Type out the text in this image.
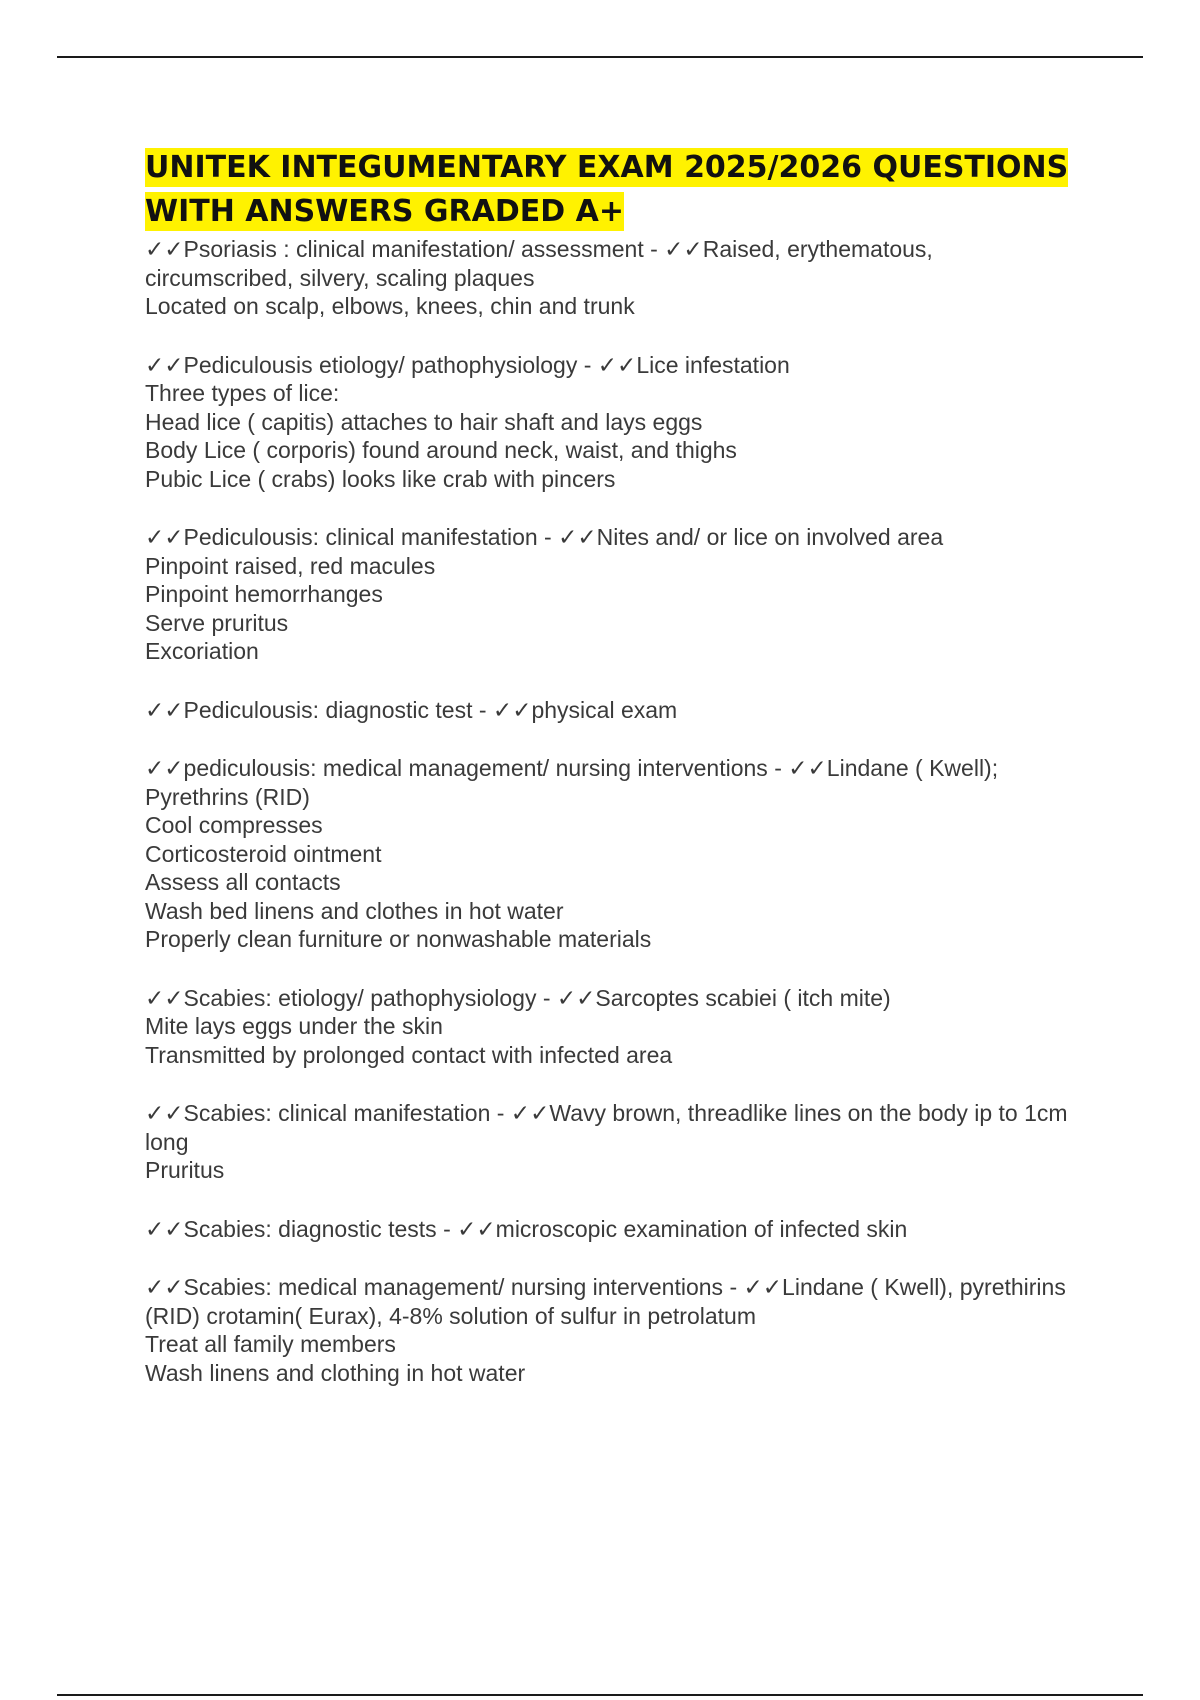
UNITEK INTEGUMENTARY EXAM 2025/2026 QUESTIONS WITH ANSWERS GRADED A+
✓✓Psoriasis : clinical manifestation/ assessment - ✓✓Raised, erythematous, circumscribed, silvery, scaling plaques
Located on scalp, elbows, knees, chin and trunk
✓✓Pediculousis etiology/ pathophysiology - ✓✓Lice infestation
Three types of lice:
Head lice ( capitis) attaches to hair shaft and lays eggs
Body Lice ( corporis) found around neck, waist, and thighs
Pubic Lice ( crabs) looks like crab with pincers
✓✓Pediculousis: clinical manifestation - ✓✓Nites and/ or lice on involved area
Pinpoint raised, red macules
Pinpoint hemorrhanges
Serve pruritus
Excoriation
✓✓Pediculousis: diagnostic test - ✓✓physical exam
✓✓pediculousis: medical management/ nursing interventions - ✓✓Lindane ( Kwell); Pyrethrins (RID)
Cool compresses
Corticosteroid ointment
Assess all contacts
Wash bed linens and clothes in hot water
Properly clean furniture or nonwashable materials
✓✓Scabies: etiology/ pathophysiology - ✓✓Sarcoptes scabiei ( itch mite)
Mite lays eggs under the skin
Transmitted by prolonged contact with infected area
✓✓Scabies: clinical manifestation - ✓✓Wavy brown, threadlike lines on the body ip to 1cm long
Pruritus
✓✓Scabies: diagnostic tests - ✓✓microscopic examination of infected skin
✓✓Scabies: medical management/ nursing interventions - ✓✓Lindane ( Kwell), pyrethirins (RID) crotamin( Eurax), 4-8% solution of sulfur in petrolatum
Treat all family members
Wash linens and clothing in hot water
